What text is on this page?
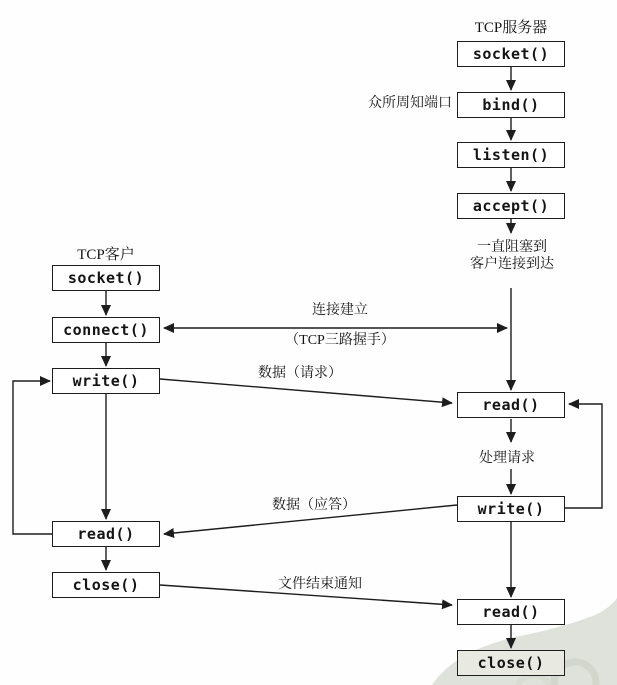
TCP服务器
TCP客户
socket()
bind()
listen()
accept()
read()
write()
read()
close()
socket()
connect()
write()
read()
close()
众所周知端口
一直阻塞到
客户连接到达
连接建立
（TCP三路握手）
数据（请求）
处理请求
数据（应答）
文件结束通知
